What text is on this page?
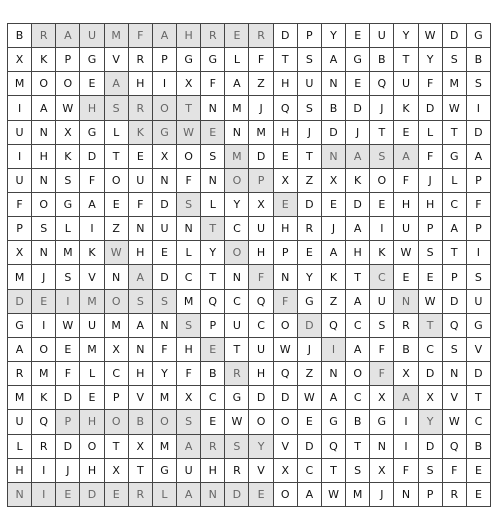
B	R	A	U	M	F	A	H	R	E	R	D	P	Y	E	U	Y	W	D	G
X	K	P	G	V	R	P	G	G	L	F	T	S	A	G	B	T	Y	S	B
M	O	O	E	A	H	I	X	F	A	Z	H	U	N	E	Q	U	F	M	S
I	A	W	H	S	R	O	T	N	M	J	Q	S	B	D	J	K	D	W	I
U	N	X	G	L	K	G	W	E	N	M	H	J	D	J	T	E	L	T	D
I	H	K	D	T	E	X	O	S	M	D	E	T	N	A	S	A	F	G	A
U	N	S	F	O	U	N	F	N	O	P	X	Z	X	K	O	F	J	L	P
F	O	G	A	E	F	D	S	L	Y	X	E	D	E	D	E	H	H	C	F
P	S	L	I	Z	N	U	N	T	C	U	H	R	J	A	I	U	P	A	P
X	N	M	K	W	H	E	L	Y	O	H	P	E	A	H	K	W	S	T	I
M	J	S	V	N	A	D	C	T	N	F	N	Y	K	T	C	E	E	P	S
D	E	I	M	O	S	S	M	Q	C	Q	F	G	Z	A	U	N	W	D	U
G	I	W	U	M	A	N	S	P	U	C	O	D	Q	C	S	R	T	Q	G
A	O	E	M	X	N	F	H	E	T	U	W	J	I	A	F	B	C	S	V
R	M	F	L	C	H	Y	F	B	R	H	Q	Z	N	O	F	X	D	N	D
M	K	D	E	P	V	M	X	C	G	D	D	W	A	C	X	A	X	V	T
U	Q	P	H	O	B	O	S	E	W	O	O	E	G	B	G	I	Y	W	C
L	R	D	O	T	X	M	A	R	S	Y	V	D	Q	T	N	I	D	Q	B
H	I	J	H	X	T	G	U	H	R	V	X	C	T	S	X	F	S	F	E
N	I	E	D	E	R	L	A	N	D	E	O	A	W	M	J	N	P	R	E
